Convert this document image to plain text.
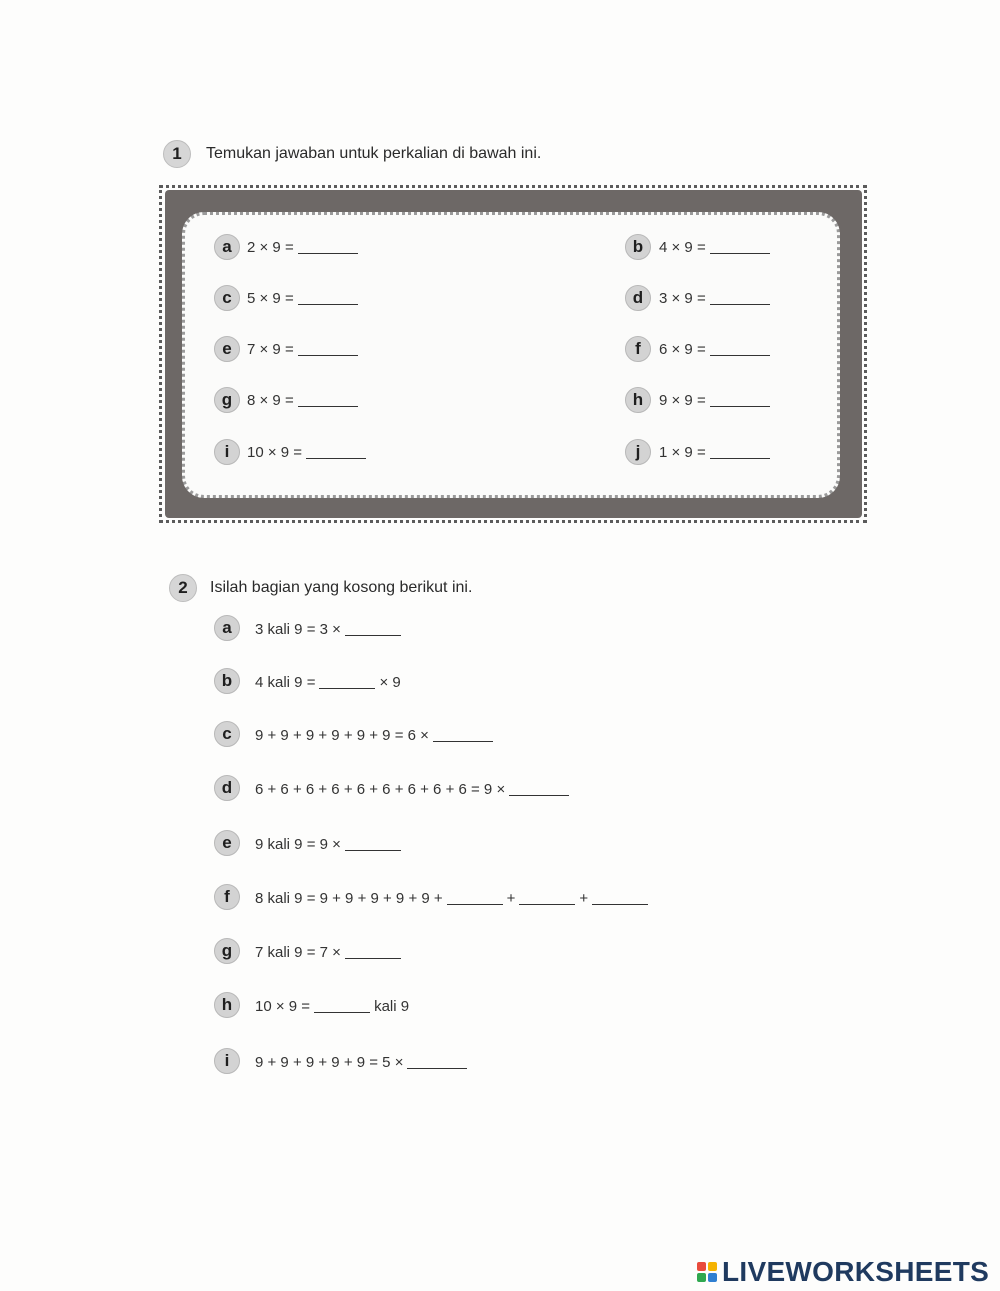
1	Temukan jawaban untuk perkalian di bawah ini.
a	2 × 9 =
c	5 × 9 =
e	7 × 9 =
g 8 × 9 =
i	10 × 9 =
b	4 × 9 =
d	3 × 9 =
f	6 × 9 =
h	9 × 9 =
j	1 × 9 =
2	Isilah bagian yang kosong berikut ini.
a	3 kali 9 = 3 ×
b	4 kali 9 =	× 9
c	9 + 9 + 9 + 9 + 9 + 9 = 6 ×
d	6 + 6 + 6 + 6 + 6 + 6 + 6 + 6 + 6 = 9 ×
e	9 kali 9 = 9 ×
f	8 kali 9 = 9 + 9 + 9 + 9 + 9 +	+	+
g	7 kali 9 = 7 ×
h	10 × 9 =	kali 9
i	9 + 9 + 9 + 9 + 9 = 5 ×
LIVEWORKSHEETS
